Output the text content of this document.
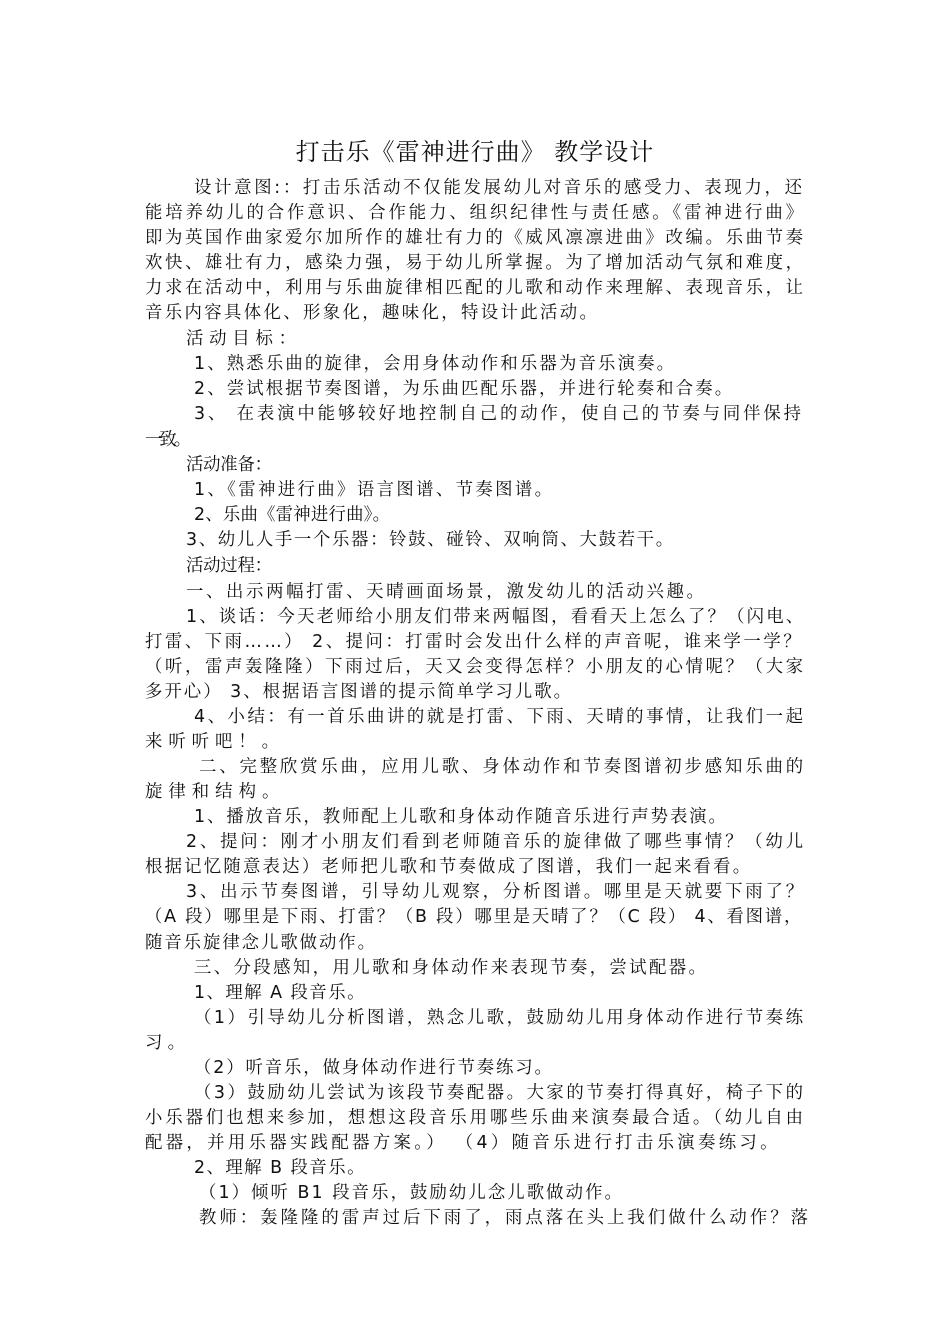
打击乐《雷神进行曲》 教学设计
设计意图:：打击乐活动不仅能发展幼儿对音乐的感受力、表现力，还
能培养幼儿的合作意识、合作能力、组织纪律性与责任感。《雷神进行曲》
即为英国作曲家爱尔加所作的雄壮有力的《威风凛凛进曲》改编。乐曲节奏
欢快、雄壮有力，感染力强，易于幼儿所掌握。为了增加活动气氛和难度，
力求在活动中，利用与乐曲旋律相匹配的儿歌和动作来理解、表现音乐，让
音乐内容具体化、形象化，趣味化，特设计此活动。
活动目标：
1、熟悉乐曲的旋律，会用身体动作和乐器为音乐演奏。
2、尝试根据节奏图谱，为乐曲匹配乐器，并进行轮奏和合奏。
3、 在表演中能够较好地控制自己的动作，使自己的节奏与同伴保持
一致。
活动准备：
1、《雷神进行曲》语言图谱、节奏图谱。
2、乐曲《雷神进行曲》。
3、幼儿人手一个乐器：铃鼓、碰铃、双响筒、大鼓若干。
活动过程：
一、出示两幅打雷、天晴画面场景，激发幼儿的活动兴趣。
1、谈话：今天老师给小朋友们带来两幅图，看看天上怎么了？（闪电、
打雷、下雨……） 2、提问：打雷时会发出什么样的声音呢，谁来学一学？
（听，雷声轰隆隆）下雨过后，天又会变得怎样？小朋友的心情呢？（大家
多开心） 3、根据语言图谱的提示简单学习儿歌。
4、小结：有一首乐曲讲的就是打雷、下雨、天晴的事情，让我们一起
来听听吧！。
二、完整欣赏乐曲，应用儿歌、身体动作和节奏图谱初步感知乐曲的
旋律和结构。
1、播放音乐，教师配上儿歌和身体动作随音乐进行声势表演。
2、提问：刚才小朋友们看到老师随音乐的旋律做了哪些事情？（幼儿
根据记忆随意表达）老师把儿歌和节奏做成了图谱，我们一起来看看。
3、出示节奏图谱，引导幼儿观察，分析图谱。哪里是天就要下雨了？
（A 段）哪里是下雨、打雷？（B 段）哪里是天晴了？（C 段） 4、看图谱，
随音乐旋律念儿歌做动作。
三、分段感知，用儿歌和身体动作来表现节奏，尝试配器。
1、理解 A 段音乐。
（1）引导幼儿分析图谱，熟念儿歌，鼓励幼儿用身体动作进行节奏练
习。
（2）听音乐，做身体动作进行节奏练习。
（3）鼓励幼儿尝试为该段节奏配器。大家的节奏打得真好，椅子下的
小乐器们也想来参加，想想这段音乐用哪些乐曲来演奏最合适。（幼儿自由
配器，并用乐器实践配器方案。） （4）随音乐进行打击乐演奏练习。
2、理解 B 段音乐。
（1）倾听 B1 段音乐，鼓励幼儿念儿歌做动作。
教师：轰隆隆的雷声过后下雨了，雨点落在头上我们做什么动作？落
